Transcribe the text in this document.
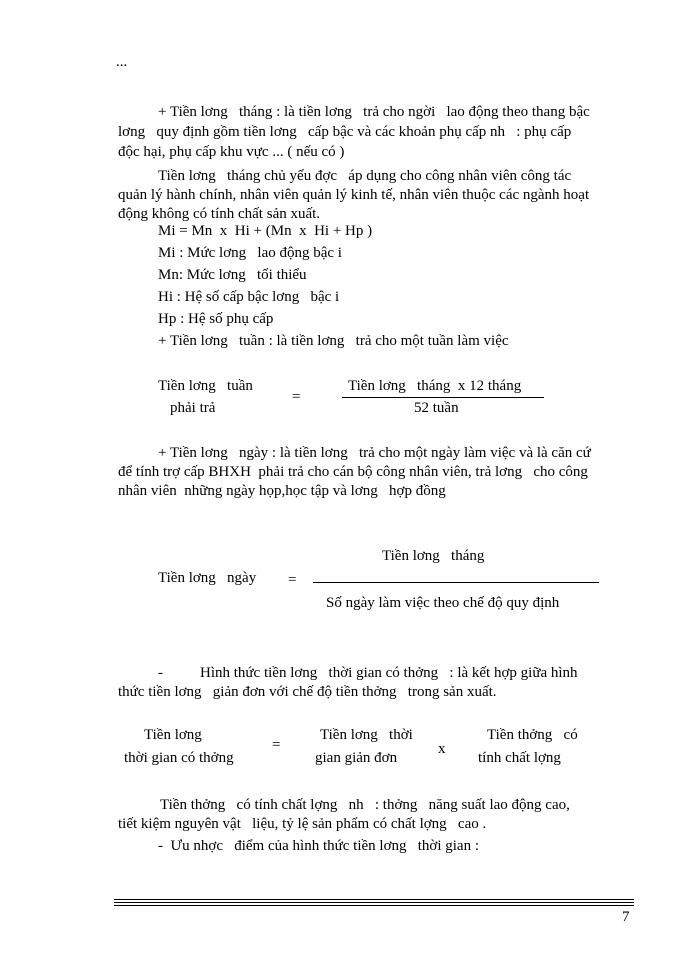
...
+ Tiền lơng   tháng : là tiền lơng   trả cho ngời   lao động theo thang bậc
lơng   quy định gồm tiền lơng   cấp bậc và các khoản phụ cấp nh   : phụ cấp
độc hại, phụ cấp khu vực ... ( nếu có )
Tiền lơng   tháng chủ yếu đợc   áp dụng cho công nhân viên công tác
quản lý hành chính, nhân viên quản lý kinh tế, nhân viên thuộc các ngành hoạt
động không có tính chất sản xuất.
Mi = Mn  x  Hi + (Mn  x  Hi + Hp )
Mi : Mức lơng   lao động bậc i
Mn: Mức lơng   tối thiểu
Hi : Hệ số cấp bậc lơng   bậc i
Hp : Hệ số phụ cấp
+ Tiền lơng   tuần : là tiền lơng   trả cho một tuần làm việc
Tiền lơng   tuần
phải trả
=
Tiền lơng   tháng  x 12 tháng
52 tuần
+ Tiền lơng   ngày : là tiền lơng   trả cho một ngày làm việc và là căn cứ
để tính trợ cấp BHXH  phải trả cho cán bộ công nhân viên, trả lơng   cho công
nhân viên  những ngày họp,học tập và lơng   hợp đồng
Tiền lơng   tháng
Tiền lơng   ngày =
Số ngày làm việc theo chế độ quy định
- Hình thức tiền lơng   thời gian có thởng   : là kết hợp giữa hình
thức tiền lơng   giản đơn với chế độ tiền thởng   trong sản xuất.
Tiền lơng
thời gian có thởng
=
Tiền lơng   thời
gian giản đơn
x
Tiền thởng   có
tính chất lợng
Tiền thởng   có tính chất lợng   nh   : thởng   năng suất lao động cao,
tiết kiệm nguyên vật   liệu, tỷ lệ sản phẩm có chất lợng   cao .
-  Ưu nhợc   điểm của hình thức tiền lơng   thời gian :
7
